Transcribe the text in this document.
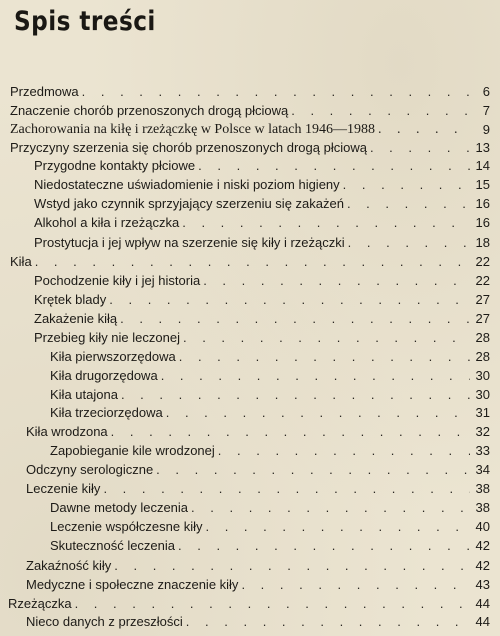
Spis treści
Przedmowa . . .	6
Znaczenie chorób przenoszonych drogą płciową . . .	7
Zachorowania na kiłę i rzeżączkę w Polsce w latach 1946—1988 . . .	9
Przyczyny szerzenia się chorób przenoszonych drogą płciową . . .	13
Przygodne kontakty płciowe . . .	14
Niedostateczne uświadomienie i niski poziom higieny . . .	15
Wstyd jako czynnik sprzyjający szerzeniu się zakażeń . . .	16
Alkohol a kiła i rzeżączka . . .	16
Prostytucja i jej wpływ na szerzenie się kiły i rzeżączki . . .	18
Kiła . . .	22
Pochodzenie kiły i jej historia . . .	22
Krętek blady . . .	27
Zakażenie kiłą . . .	27
Przebieg kiły nie leczonej . . .	28
Kiła pierwszorzędowa . . .	28
Kiła drugorzędowa . . .	30
Kiła utajona . . .	30
Kiła trzeciorzędowa . . .	31
Kiła wrodzona . . .	32
Zapobieganie kile wrodzonej . . .	33
Odczyny serologiczne . . .	34
Leczenie kiły . . .	38
Dawne metody leczenia . . .	38
Leczenie współczesne kiły . . .	40
Skuteczność leczenia . . .	42
Zakaźność kiły . . .	42
Medyczne i społeczne znaczenie kiły . . .	43
Rzeżączka . . .	44
Nieco danych z przeszłości . . .	44
